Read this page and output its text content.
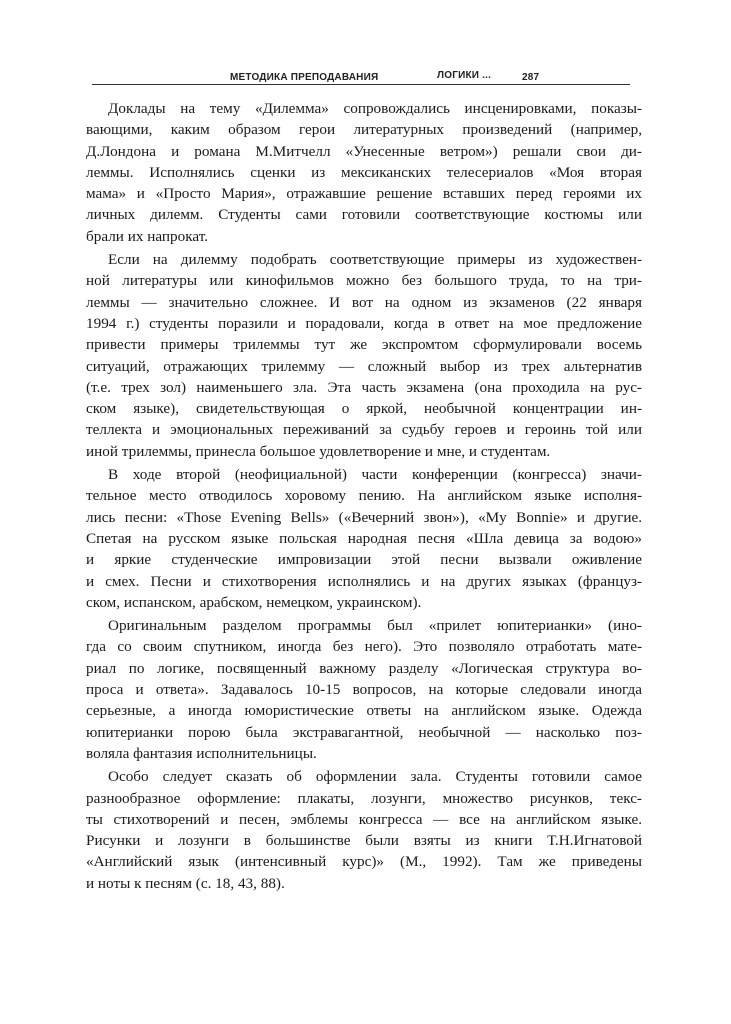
МЕТОДИКА ПРЕПОДАВАНИЯ	ЛОГИКИ ...	287
Доклады на тему «Дилемма» сопровождались инсценировками, показы-
вающими, каким образом герои литературных произведений (например,
Д.Лондона и романа М.Митчелл «Унесенные ветром») решали свои ди-
леммы. Исполнялись сценки из мексиканских телесериалов «Моя вторая
мама» и «Просто Мария», отражавшие решение вставших перед героями их
личных дилемм. Студенты сами готовили соответствующие костюмы или
брали их напрокат.
Если на дилемму подобрать соответствующие примеры из художествен-
ной литературы или кинофильмов можно без большого труда, то на три-
леммы — значительно сложнее. И вот на одном из экзаменов (22 января
1994 г.) студенты поразили и порадовали, когда в ответ на мое предложение
привести примеры трилеммы тут же экспромтом сформулировали восемь
ситуаций, отражающих трилемму — сложный выбор из трех альтернатив
(т.е. трех зол) наименьшего зла. Эта часть экзамена (она проходила на рус-
ском языке), свидетельствующая о яркой, необычной концентрации ин-
теллекта и эмоциональных переживаний за судьбу героев и героинь той или
иной трилеммы, принесла большое удовлетворение и мне, и студентам.
В ходе второй (неофициальной) части конференции (конгресса) значи-
тельное место отводилось хоровому пению. На английском языке исполня-
лись песни: «Those Evening Bells» («Вечерний звон»), «My Bonnie» и другие.
Спетая на русском языке польская народная песня «Шла девица за водою»
и яркие студенческие импровизации этой песни вызвали оживление
и смех. Песни и стихотворения исполнялись и на других языках (француз-
ском, испанском, арабском, немецком, украинском).
Оригинальным разделом программы был «прилет юпитерианки» (ино-
гда со своим спутником, иногда без него). Это позволяло отработать мате-
риал по логике, посвященный важному разделу «Логическая структура во-
проса и ответа». Задавалось 10-15 вопросов, на которые следовали иногда
серьезные, а иногда юмористические ответы на английском языке. Одежда
юпитерианки порою была экстравагантной, необычной — насколько поз-
воляла фантазия исполнительницы.
Особо следует сказать об оформлении зала. Студенты готовили самое
разнообразное оформление: плакаты, лозунги, множество рисунков, текс-
ты стихотворений и песен, эмблемы конгресса — все на английском языке.
Рисунки и лозунги в большинстве были взяты из книги Т.Н.Игнатовой
«Английский язык (интенсивный курс)» (М., 1992). Там же приведены
и ноты к песням (с. 18, 43, 88).
